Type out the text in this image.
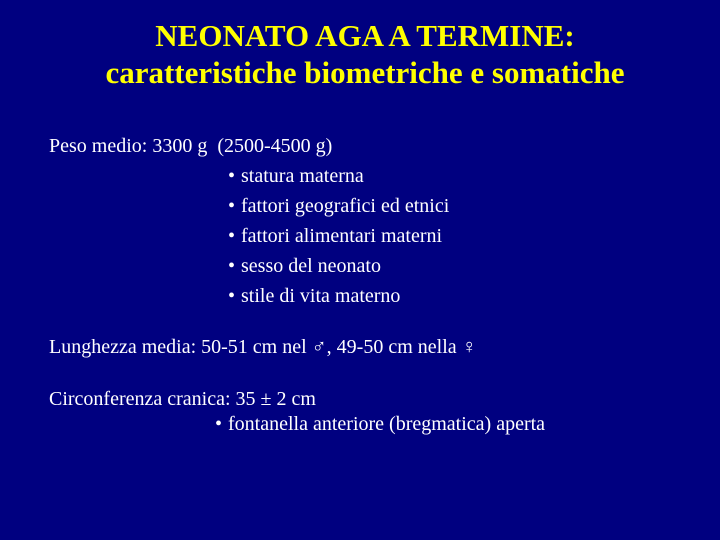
NEONATO AGA A TERMINE:
caratteristiche biometriche e somatiche

Peso medio: 3300 g  (2500-4500 g)

• statura materna
• fattori geografici ed etnici
• fattori alimentari materni
• sesso del neonato
• stile di vita materno

Lunghezza media: 50-51 cm nel ♂, 49-50 cm nella ♀

Circonferenza cranica: 35 ± 2 cm

• fontanella anteriore (bregmatica) aperta
